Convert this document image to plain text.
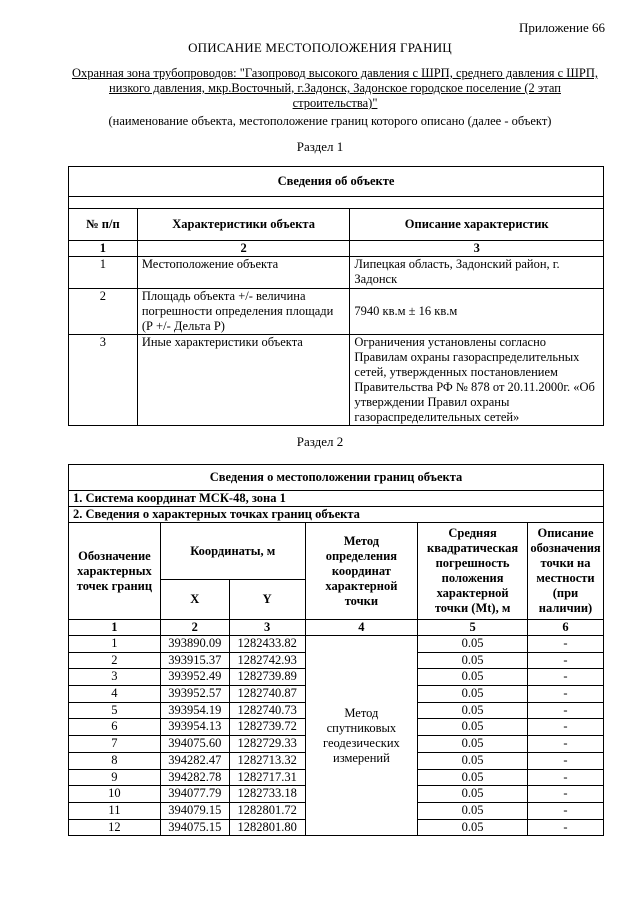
Приложение 66
ОПИСАНИЕ МЕСТОПОЛОЖЕНИЯ ГРАНИЦ
Охранная зона трубопроводов: "Газопровод высокого давления с ШРП, среднего давления с ШРП,
низкого давления, мкр.Восточный, г.Задонск, Задонское городское поселение (2 этап
строительства)"
(наименование объекта, местоположение границ которого описано (далее - объект)
Раздел 1
Сведения об объекте		

№ п/п	Характеристики объекта	Описание характеристик
1	2	3
1	Местоположение объекта	Липецкая область, Задонский район, г. Задонск
2	Площадь объекта +/- величина погрешности определения площади (Р +/- Дельта Р)	7940 кв.м ± 16 кв.м
3	Иные характеристики объекта	Ограничения установлены согласно Правилам охраны газораспределительных сетей, утвержденных постановлением Правительства РФ № 878 от 20.11.2000г. «Об утверждении Правил охраны газораспределительных сетей»
Раздел 2
Сведения о местоположении границ объекта					
1. Система координат МСК-48, зона 1					
2. Сведения о характерных точках границ объекта					
Обозначение характерных точек границ	Координаты, м		Метод определения координат характерной точки	Средняя квадратическая погрешность положения характерной точки (Mt), м	Описание обозначения точки на местности (при наличии)
	X	Y			
1	2	3	4	5	6
1	393890.09	1282433.82	Метод спутниковых геодезических измерений	0.05	-
2	393915.37	1282742.93		0.05	-
3	393952.49	1282739.89		0.05	-
4	393952.57	1282740.87		0.05	-
5	393954.19	1282740.73		0.05	-
6	393954.13	1282739.72		0.05	-
7	394075.60	1282729.33		0.05	-
8	394282.47	1282713.32		0.05	-
9	394282.78	1282717.31		0.05	-
10	394077.79	1282733.18		0.05	-
11	394079.15	1282801.72		0.05	-
12	394075.15	1282801.80		0.05	-
